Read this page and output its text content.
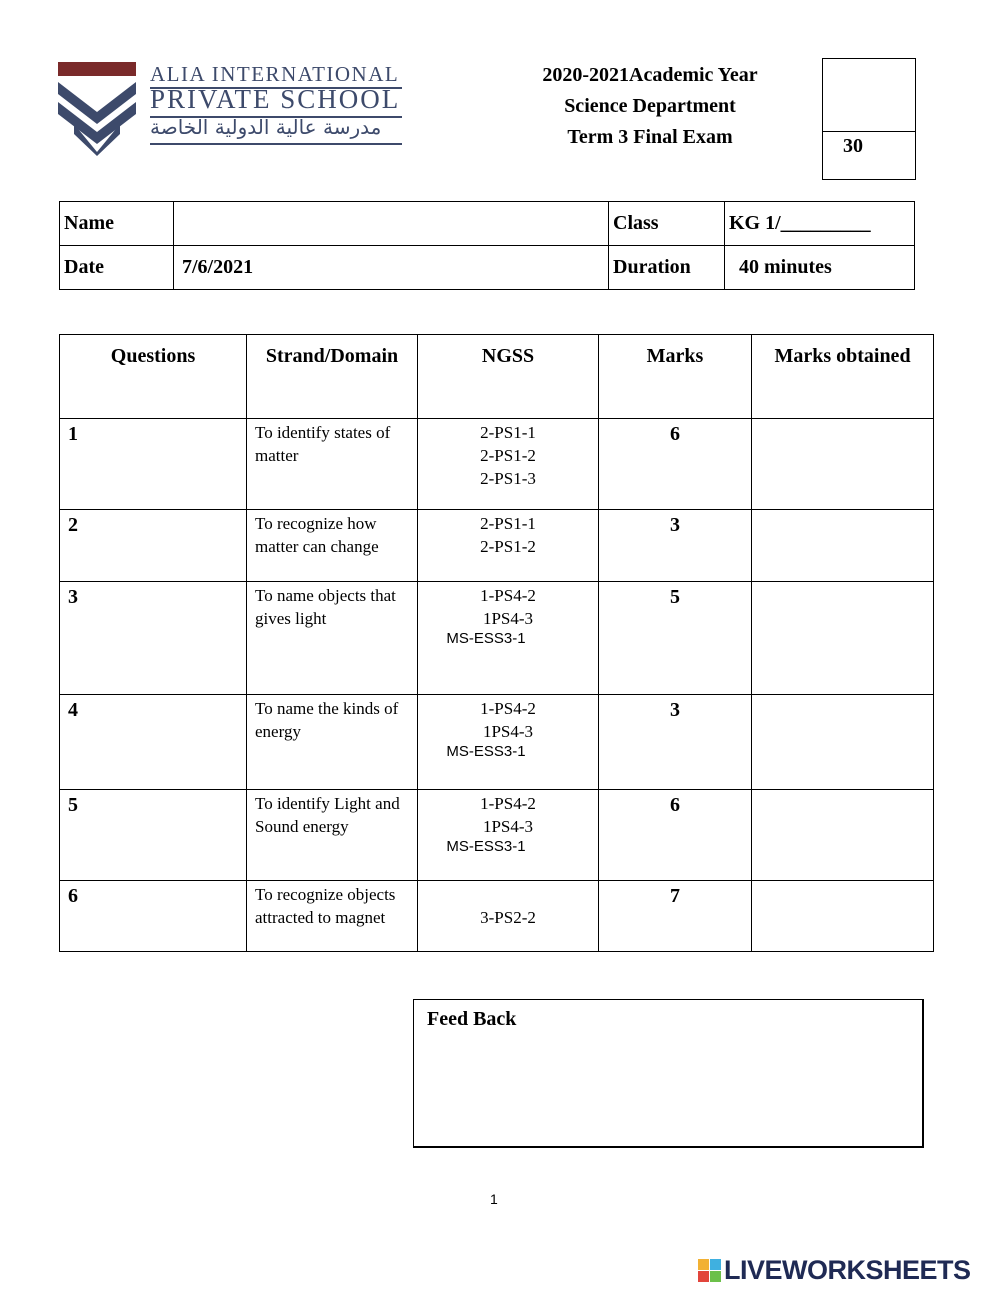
ALIA INTERNATIONAL
PRIVATE SCHOOL
مدرسة عالية الدولية الخاصة
2020-2021Academic Year
Science Department
Term 3 Final Exam	30
Name		Class	KG 1/_________
Date	7/6/2021	Duration	40 minutes
Questions	Strand/Domain	NGSS	Marks	Marks obtained
1	To identify states of matter	2-PS1-1
2-PS1-2
2-PS1-3	6	
2	To recognize how matter can change	2-PS1-1
2-PS1-2	3	
3	To name objects that gives light	1-PS4-2
1PS4-3
MS-ESS3-1	5	
4	To name the kinds of energy	1-PS4-2
1PS4-3
MS-ESS3-1	3	
5	To identify Light and Sound energy	1-PS4-2
1PS4-3
MS-ESS3-1	6	
6	To recognize objects attracted to magnet	3-PS2-2	7	
Feed Back
1
LIVEWORKSHEETS
